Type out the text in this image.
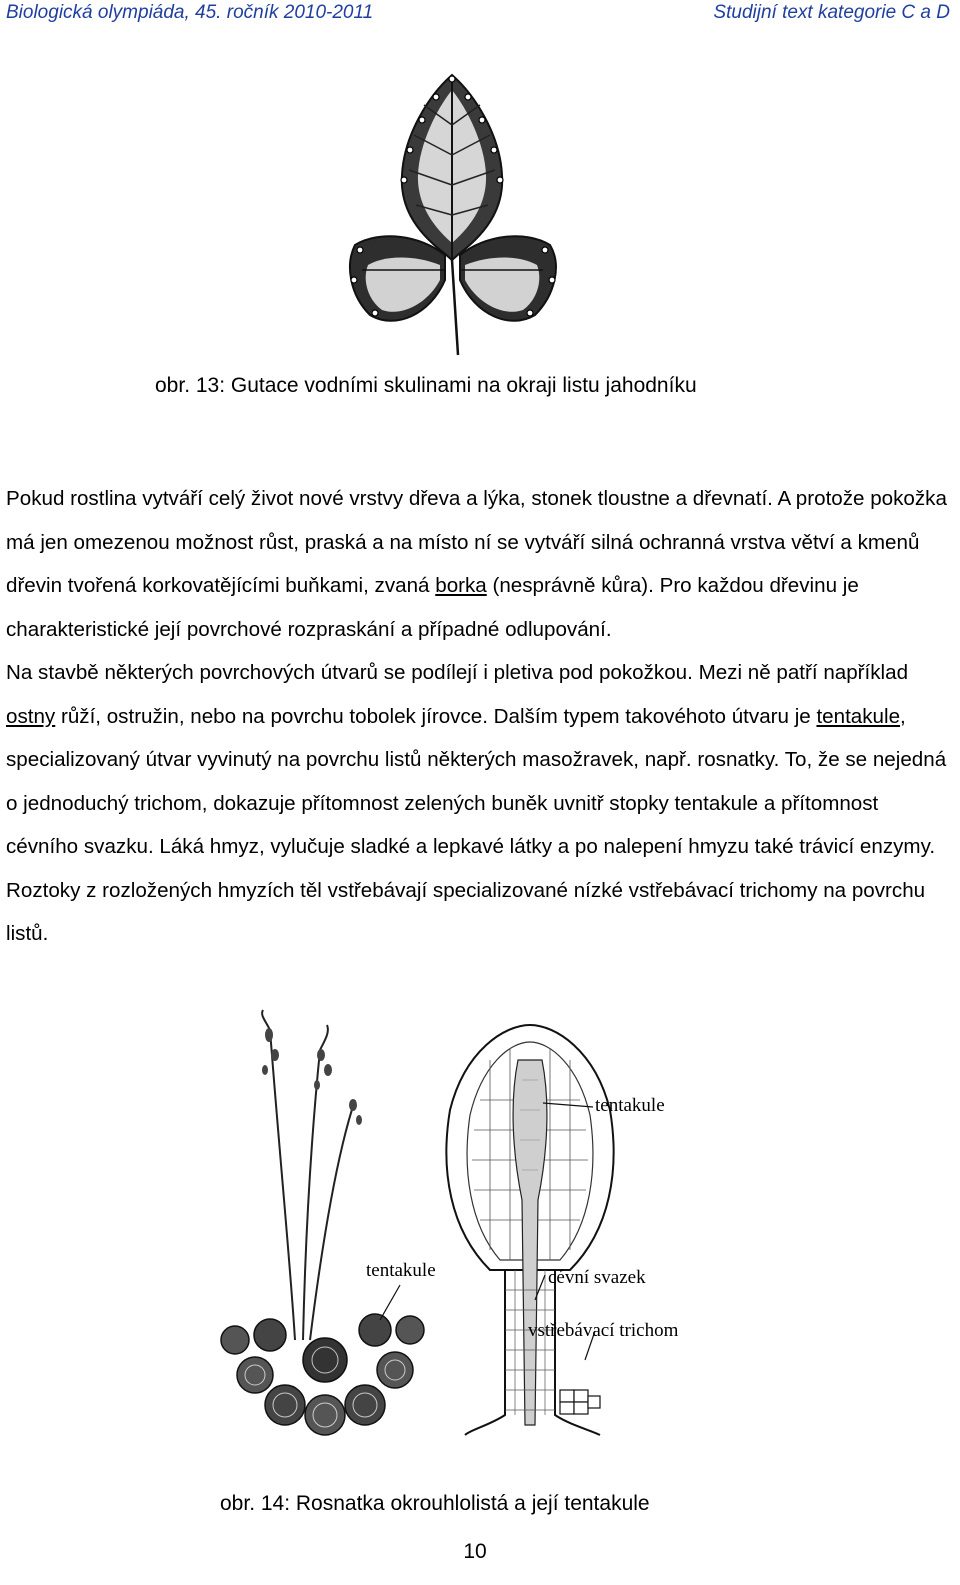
Biologická olympiáda, 45. ročník 2010-2011	Studijní text kategorie C a D
obr. 13: Gutace vodními skulinami na okraji listu jahodníku

Pokud rostlina vytváří celý život nové vrstvy dřeva a lýka, stonek tloustne a dřevnatí. A protože pokožka má jen omezenou možnost růst, praská a na místo ní se vytváří silná ochranná vrstva větví a kmenů dřevin tvořená korkovatějícími buňkami, zvaná borka (nesprávně kůra). Pro každou dřevinu je charakteristické její povrchové rozpraskání a případné odlupování.

Na stavbě některých povrchových útvarů se podílejí i pletiva pod pokožkou. Mezi ně patří například ostny růží, ostružin, nebo na povrchu tobolek jírovce. Dalším typem takovéhoto útvaru je tentakule, specializovaný útvar vyvinutý na povrchu listů některých masožravek, např. rosnatky. To, že se nejedná o jednoduchý trichom, dokazuje přítomnost zelených buněk uvnitř stopky tentakule a přítomnost cévního svazku. Láká hmyz, vylučuje sladké a lepkavé látky a po nalepení hmyzu také trávicí enzymy. Roztoky z rozložených hmyzích těl vstřebávají specializované nízké vstřebávací trichomy na povrchu listů.

tentakule
tentakule
cévní svazek
vstřebávací trichom
obr. 14: Rosnatka okrouhlolistá a její tentakule
10
